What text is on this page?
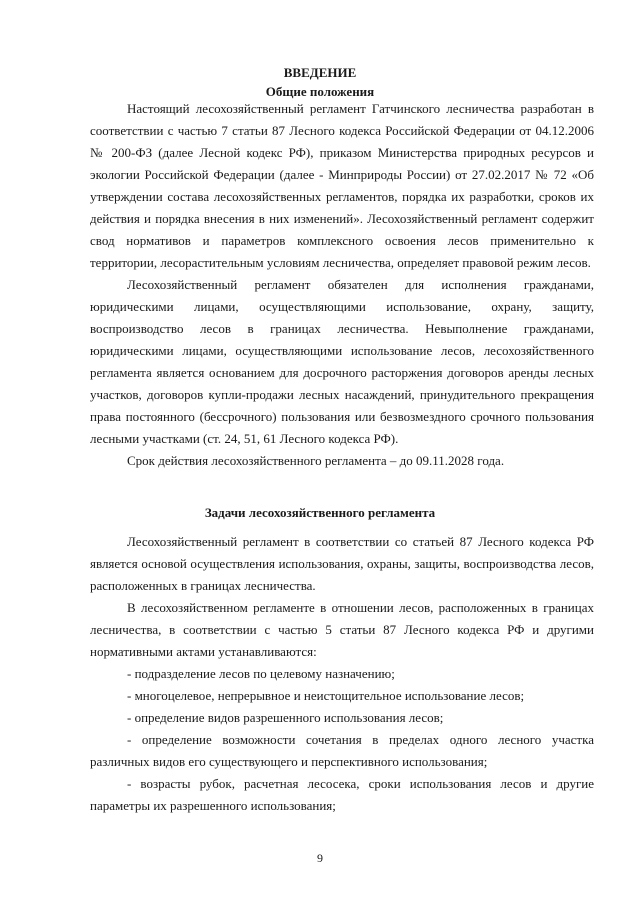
ВВЕДЕНИЕ
Общие положения

Настоящий лесохозяйственный регламент Гатчинского лесничества разработан в соответствии с частью 7 статьи 87 Лесного кодекса Российской Федерации от 04.12.2006 № 200-ФЗ (далее Лесной кодекс РФ), приказом Министерства природных ресурсов и экологии Российской Федерации (далее - Минприроды России) от 27.02.2017 № 72 «Об утверждении состава лесохозяйственных регламентов, порядка их разработки, сроков их действия и порядка внесения в них изменений». Лесохозяйственный регламент содержит свод нормативов и параметров комплексного освоения лесов применительно к территории, лесорастительным условиям лесничества, определяет правовой режим лесов.

Лесохозяйственный регламент обязателен для исполнения гражданами, юридическими лицами, осуществляющими использование, охрану, защиту, воспроизводство лесов в границах лесничества. Невыполнение гражданами, юридическими лицами, осуществляющими использование лесов, лесохозяйственного регламента является основанием для досрочного расторжения договоров аренды лесных участков, договоров купли-продажи лесных насаждений, принудительного прекращения права постоянного (бессрочного) пользования или безвозмездного срочного пользования лесными участками (ст. 24, 51, 61 Лесного кодекса РФ).

Срок действия лесохозяйственного регламента – до 09.11.2028 года.

Задачи лесохозяйственного регламента

Лесохозяйственный регламент в соответствии со статьей 87 Лесного кодекса РФ является основой осуществления использования, охраны, защиты, воспроизводства лесов, расположенных в границах лесничества.

В лесохозяйственном регламенте в отношении лесов, расположенных в границах лесничества, в соответствии с частью 5 статьи 87 Лесного кодекса РФ и другими нормативными актами устанавливаются:

- подразделение лесов по целевому назначению;

- многоцелевое, непрерывное и неистощительное использование лесов;

- определение видов разрешенного использования лесов;

- определение возможности сочетания в пределах одного лесного участка различных видов его существующего и перспективного использования;

- возрасты рубок, расчетная лесосека, сроки использования лесов и другие параметры их разрешенного использования;

9
